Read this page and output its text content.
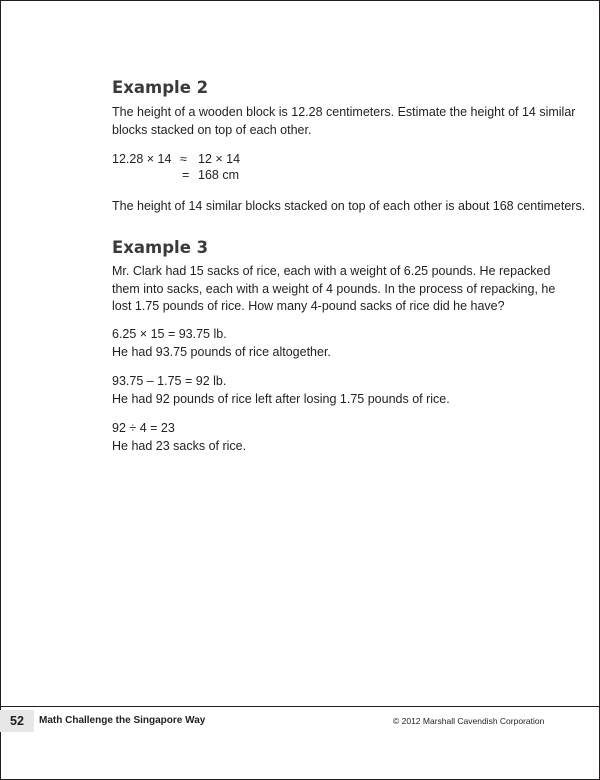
Example 2
The height of a wooden block is 12.28 centimeters. Estimate the height of 14 similar
blocks stacked on top of each other.
12.28 × 14 ≈ 12 × 14
= 168 cm
The height of 14 similar blocks stacked on top of each other is about 168 centimeters.
Example 3
Mr. Clark had 15 sacks of rice, each with a weight of 6.25 pounds. He repacked
them into sacks, each with a weight of 4 pounds. In the process of repacking, he
lost 1.75 pounds of rice. How many 4-pound sacks of rice did he have?
6.25 × 15 = 93.75 lb.
He had 93.75 pounds of rice altogether.
93.75 – 1.75 = 92 lb.
He had 92 pounds of rice left after losing 1.75 pounds of rice.
92 ÷ 4 = 23
He had 23 sacks of rice.
52	Math Challenge the Singapore Way	© 2012 Marshall Cavendish Corporation
